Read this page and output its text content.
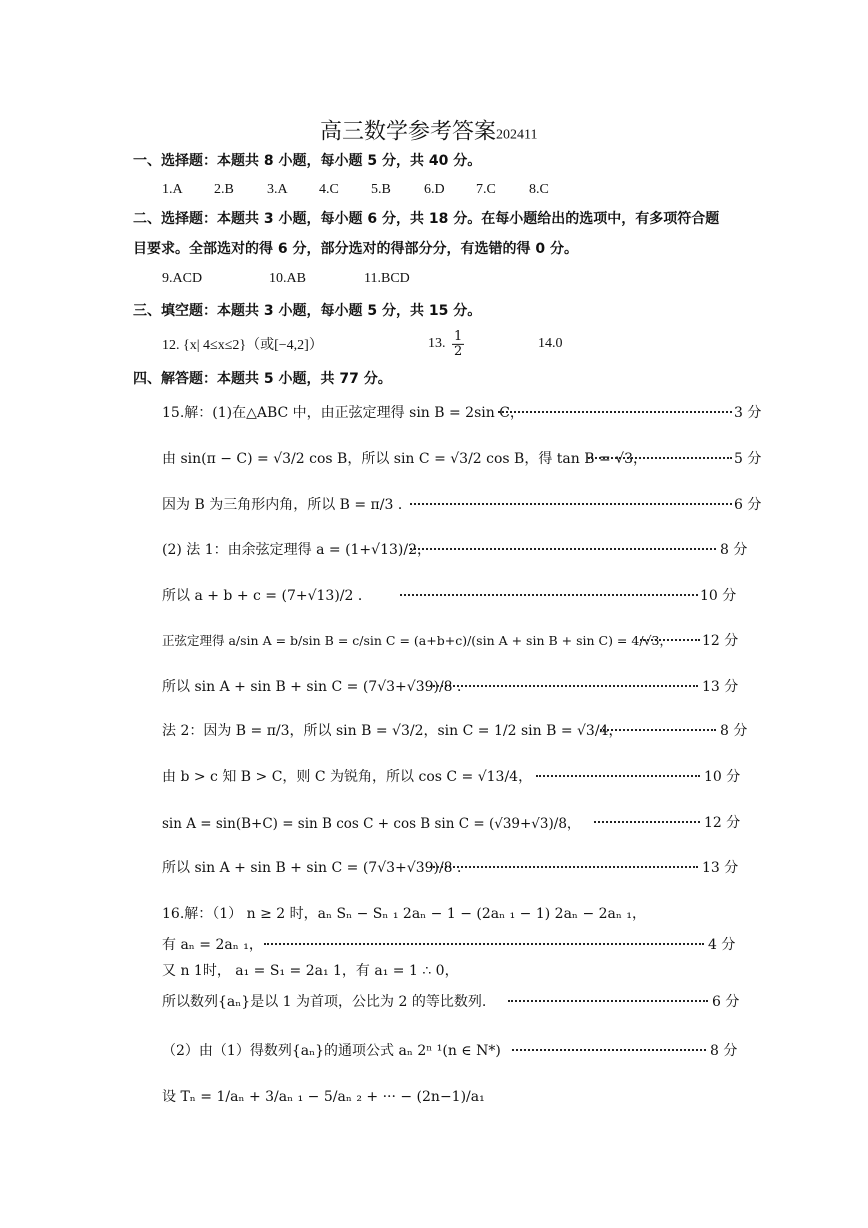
高三数学参考答案202411
一、选择题：本题共 8 小题，每小题 5 分，共 40 分。
1.A 2.B 3.A 4.C 5.B 6.D 7.C 8.C
二、选择题：本题共 3 小题，每小题 6 分，共 18 分。在每小题给出的选项中，有多项符合题
目要求。全部选对的得 6 分，部分选对的得部分分，有选错的得 0 分。
9.ACD	10.AB	11.BCD
三、填空题：本题共 3 小题，每小题 5 分，共 15 分。
12. {x| 4≤x≤2}（或[−4,2]）	13. $\frac{1}{2}$	14.0
四、解答题：本题共 5 小题，共 77 分。
15.解：(1)在△ABC 中，由正弦定理得 sin B = 2sin C，	3 分
由 sin(π − C) = √3/2 cos B，所以 sin C = √3/2 cos B，得 tan B = √3，	5 分
因为 B 为三角形内角，所以 B = π/3 ．	6 分
(2) 法 1：由余弦定理得 a = (1+√13)/2，	8 分
所以 a + b + c = (7+√13)/2 ．	10 分
正弦定理得 a/sin A = b/sin B = c/sin C = (a+b+c)/(sin A + sin B + sin C) = 4/√3， 12 分
所以 sin A + sin B + sin C = (7√3+√39)/8 ．	13 分
法 2：因为 B = π/3，所以 sin B = √3/2，sin C = 1/2 sin B = √3/4，	8 分
由 b > c 知 B > C，则 C 为锐角，所以 cos C = √13/4，	10 分
sin A = sin(B+C) = sin B cos C + cos B sin C = (√39+√3)/8，	12 分
所以 sin A + sin B + sin C = (7√3+√39)/8 ．	13 分
16.解：（1） n ≥ 2 时，aₙ Sₙ − Sₙ ₁ 2aₙ − 1 − (2aₙ ₁ − 1) 2aₙ − 2aₙ ₁，
有 aₙ = 2aₙ ₁，	4 分
又 n 1时， a₁ = S₁ = 2a₁ 1，有 a₁ = 1 ∴ 0，
所以数列{aₙ}是以 1 为首项，公比为 2 的等比数列.	6 分
（2）由（1）得数列{aₙ}的通项公式 aₙ 2ⁿ ¹(n ∈ N*)	8 分
设 Tₙ = 1/aₙ + 3/aₙ ₁ − 5/aₙ ₂ + ··· − (2n−1)/a₁
